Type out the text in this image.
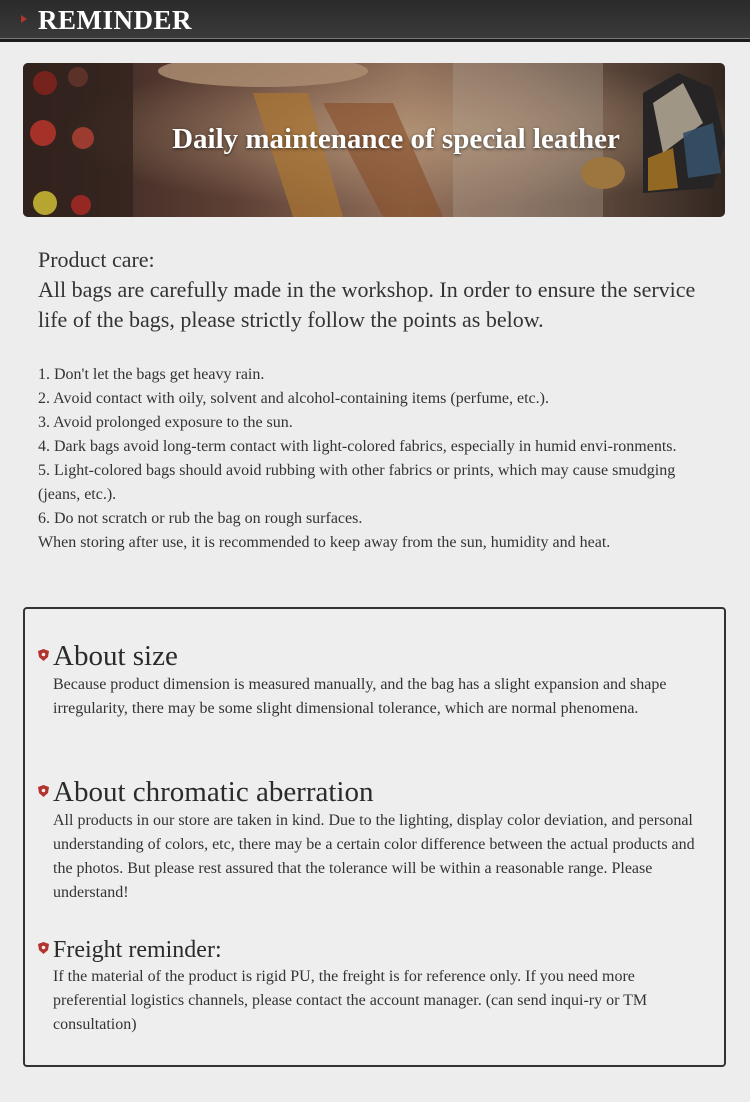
REMINDER
Daily maintenance of special leather
Product care:
All bags are carefully made in the workshop. In order to ensure the service life of the bags, please strictly follow the points as below.
1. Don't let the bags get heavy rain.
2. Avoid contact with oily, solvent and alcohol-containing items (perfume, etc.).
3. Avoid prolonged exposure to the sun.
4. Dark bags avoid long-term contact with light-colored fabrics, especially in humid envi-ronments.
5. Light-colored bags should avoid rubbing with other fabrics or prints, which may cause smudging (jeans, etc.).
6. Do not scratch or rub the bag on rough surfaces.
When storing after use, it is recommended to keep away from the sun, humidity and heat.
About size
Because product dimension is measured manually, and the bag has a slight expansion and shape irregularity, there may be some slight dimensional tolerance, which are normal phenomena.
About chromatic aberration
All products in our store are taken in kind. Due to the lighting, display color deviation, and personal understanding of colors, etc, there may be a certain color difference between the actual products and the photos. But please rest assured that the tolerance will be within a reasonable range. Please understand!
Freight reminder:
If the material of the product is rigid PU, the freight is for reference only. If you need more preferential logistics channels, please contact the account manager. (can send inqui-ry or TM consultation)
